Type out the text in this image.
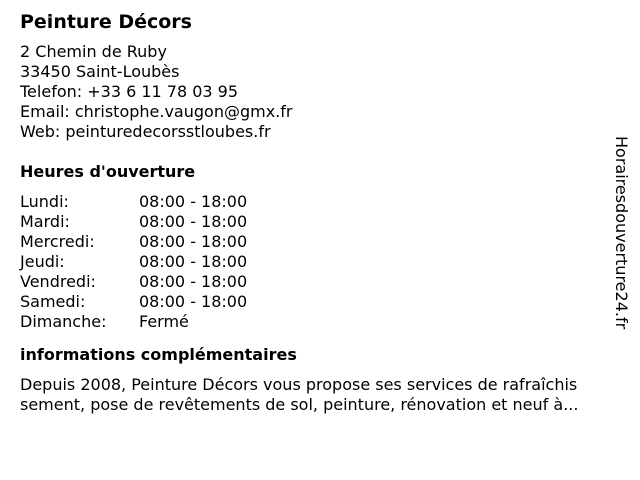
Peinture Décors
2 Chemin de Ruby
33450 Saint-Loubès
Telefon: +33 6 11 78 03 95
Email: christophe.vaugon@gmx.fr
Web: peinturedecorsstloubes.fr
Heures d'ouverture
Lundi:	08:00 - 18:00
Mardi:	08:00 - 18:00
Mercredi:	08:00 - 18:00
Jeudi:	08:00 - 18:00
Vendredi:	08:00 - 18:00
Samedi:	08:00 - 18:00
Dimanche: Fermé
informations complémentaires
Depuis 2008, Peinture Décors vous propose ses services de rafraîchis
sement, pose de revêtements de sol, peinture, rénovation et neuf à...
Horairesdouverture24.fr
